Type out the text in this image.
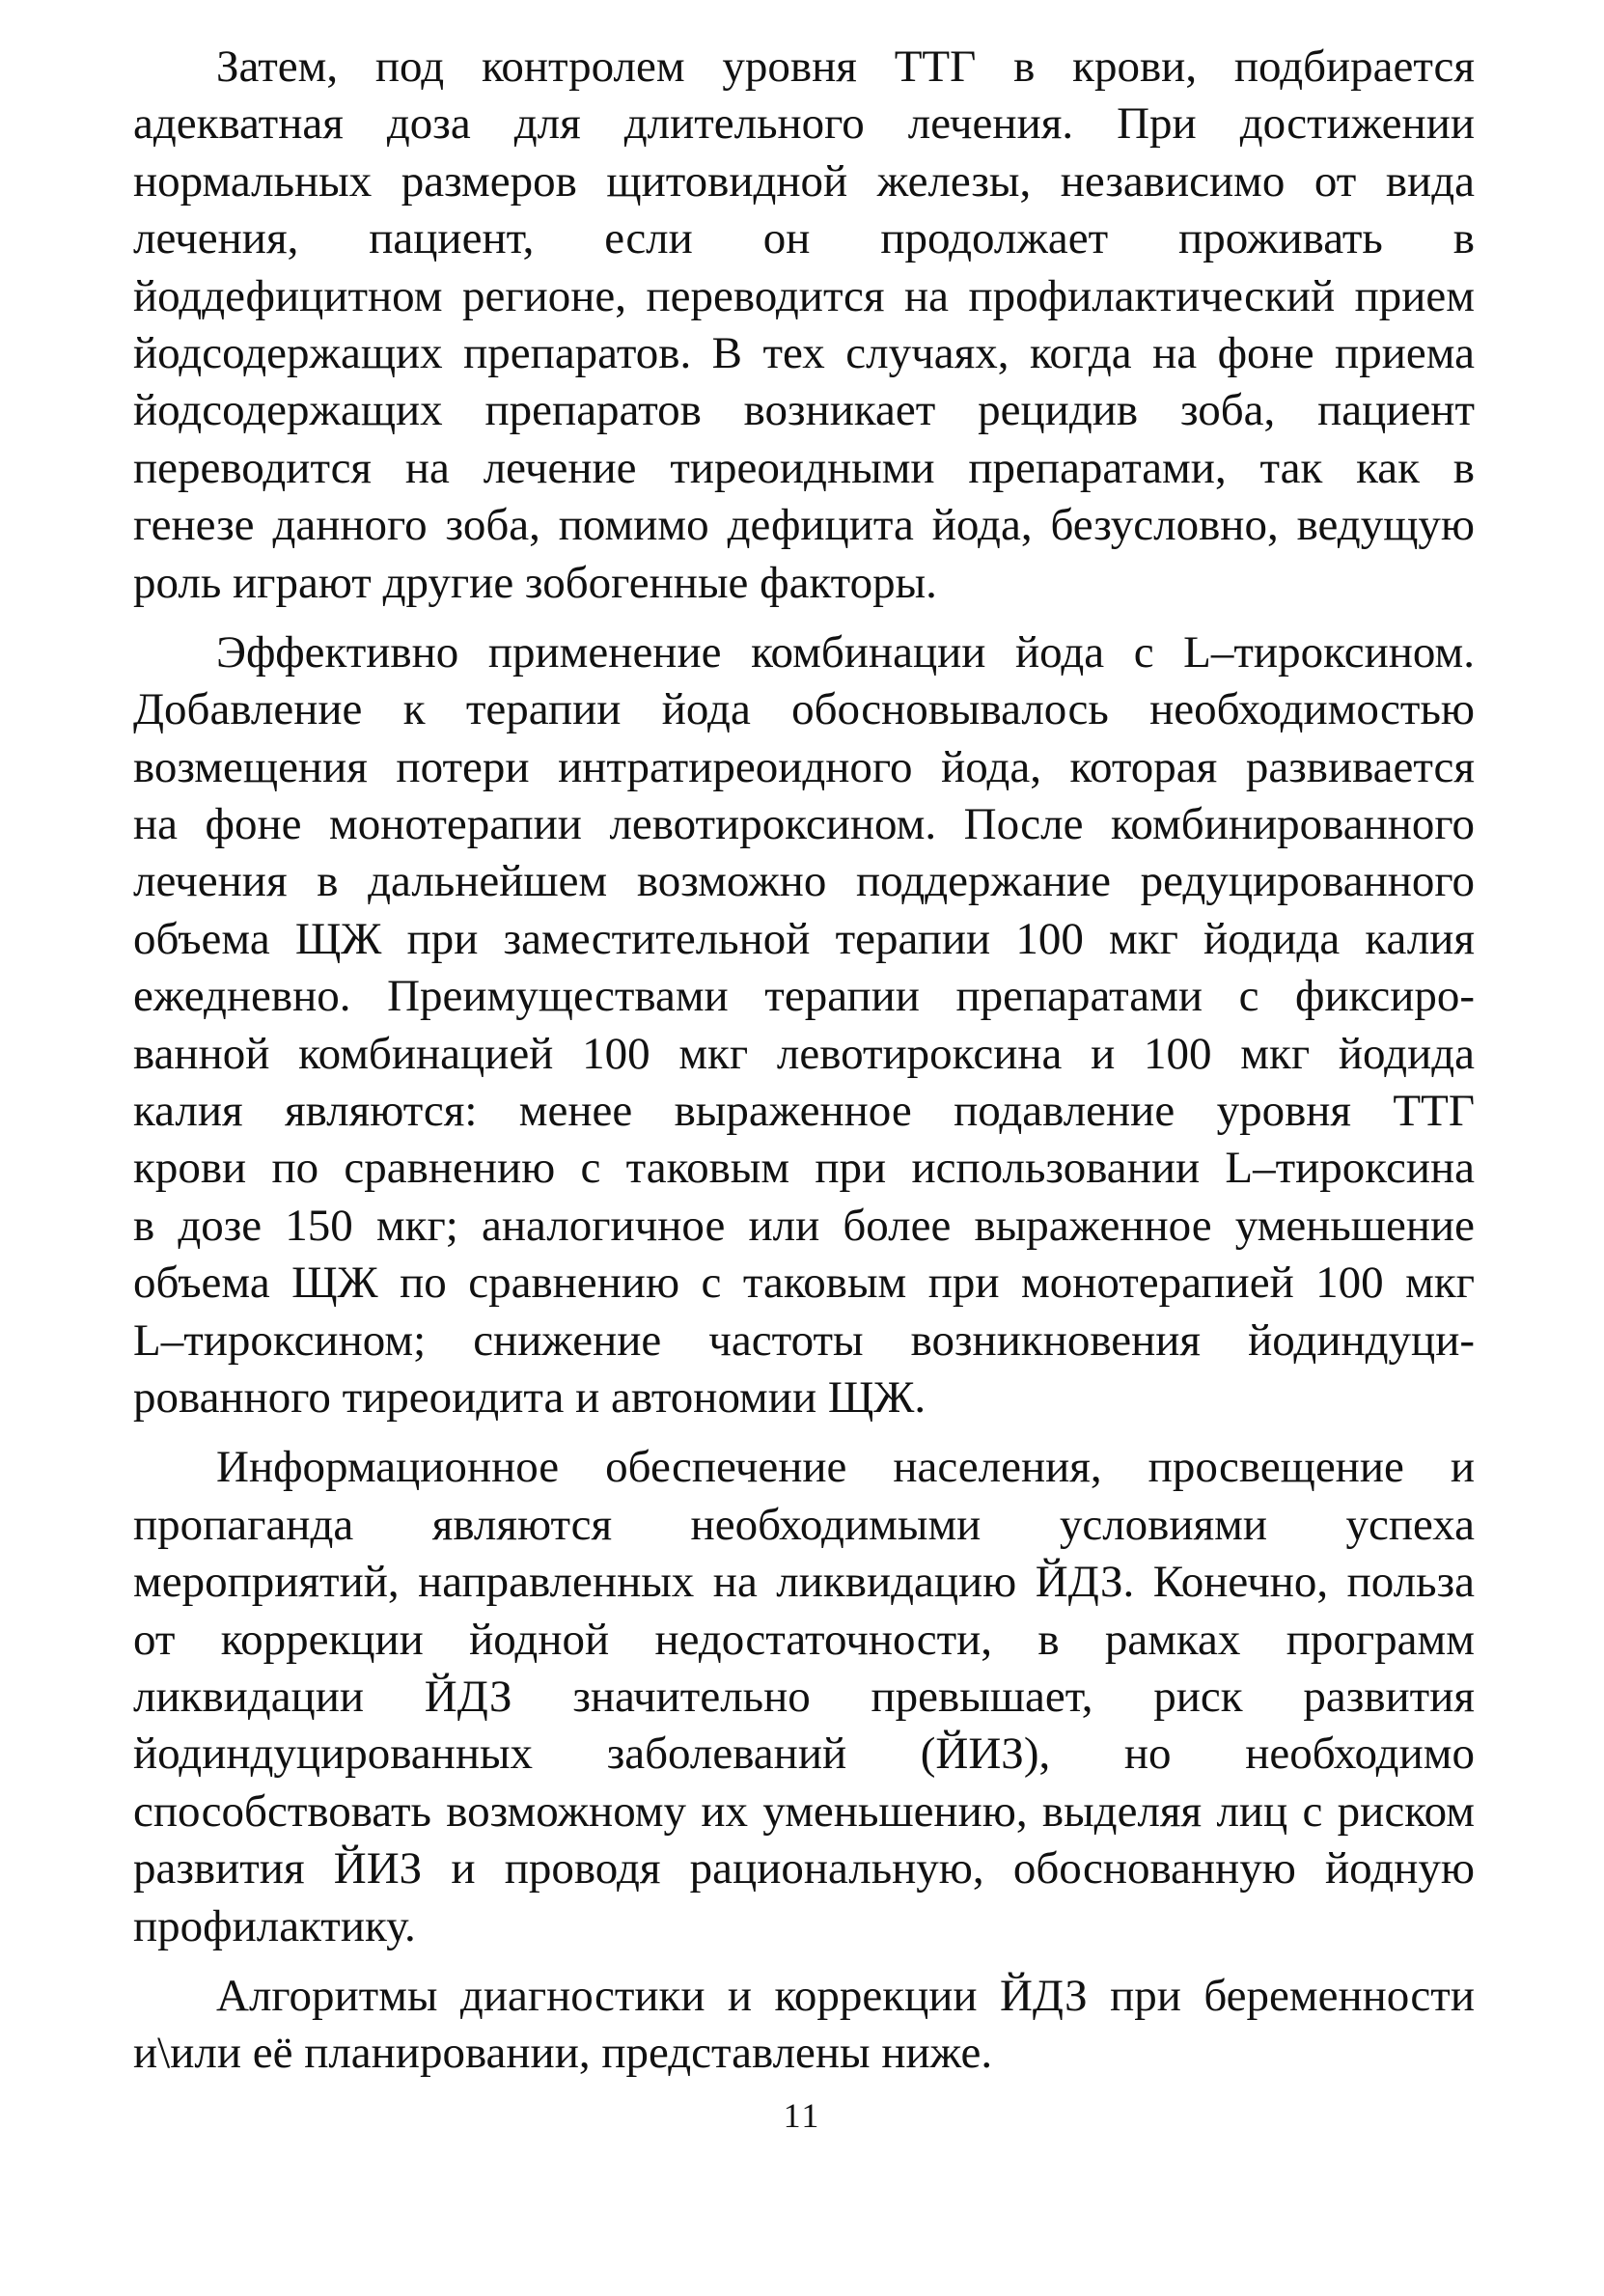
Затем, под контролем уровня ТТГ в крови, подбирается
адекватная доза для длительного лечения. При достижении
нормальных размеров щитовидной железы, независимо от вида
лечения, пациент, если он продолжает проживать в
йоддефицитном регионе, переводится на профилактический прием
йодсодержащих препаратов. В тех случаях, когда на фоне приема
йодсодержащих препаратов возникает рецидив зоба, пациент
переводится на лечение тиреоидными препаратами, так как в
генезе данного зоба, помимо дефицита йода, безусловно, ведущую
роль играют другие зобогенные факторы.
Эффективно применение комбинации йода с L–тироксином.
Добавление к терапии йода обосновывалось необходимостью
возмещения потери интратиреоидного йода, которая развивается
на фоне монотерапии левотироксином. После комбинированного
лечения в дальнейшем возможно поддержание редуцированного
объема ЩЖ при заместительной терапии 100 мкг йодида калия
ежедневно. Преимуществами терапии препаратами с фиксиро-
ванной комбинацией 100 мкг левотироксина и 100 мкг йодида
калия являются: менее выраженное подавление уровня ТТГ
крови по сравнению с таковым при использовании L–тироксина
в дозе 150 мкг; аналогичное или более выраженное уменьшение
объема ЩЖ по сравнению с таковым при монотерапией 100 мкг
L–тироксином; снижение частоты возникновения йодиндуци-
рованного тиреоидита и автономии ЩЖ.
Информационное обеспечение населения, просвещение и
пропаганда являются необходимыми условиями успеха
мероприятий, направленных на ликвидацию ЙДЗ. Конечно, польза
от коррекции йодной недостаточности, в рамках программ
ликвидации ЙДЗ значительно превышает, риск развития
йодиндуцированных заболеваний (ЙИЗ), но необходимо
способствовать возможному их уменьшению, выделяя лиц с риском
развития ЙИЗ и проводя рациональную, обоснованную йодную
профилактику.
Алгоритмы диагностики и коррекции ЙДЗ при беременности
и\или её планировании, представлены ниже.
11
